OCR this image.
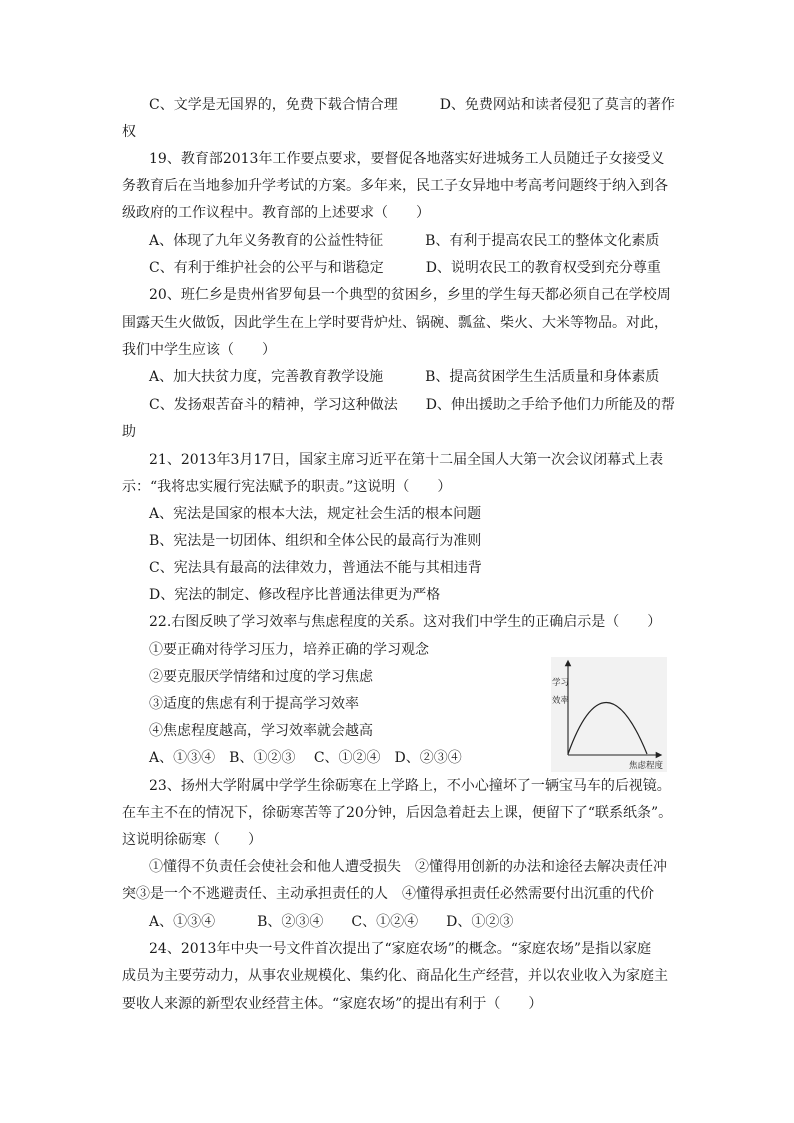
C、文学是无国界的，免费下载合情合理　　　D、免费网站和读者侵犯了莫言的著作
权
19、教育部2013年工作要点要求，要督促各地落实好进城务工人员随迁子女接受义
务教育后在当地参加升学考试的方案。多年来，民工子女异地中考高考问题终于纳入到各
级政府的工作议程中。教育部的上述要求（　　）
A、体现了九年义务教育的公益性特征　　　B、有利于提高农民工的整体文化素质
C、有利于维护社会的公平与和谐稳定　　　D、说明农民工的教育权受到充分尊重
20、班仁乡是贵州省罗甸县一个典型的贫困乡，乡里的学生每天都必须自己在学校周
围露天生火做饭，因此学生在上学时要背炉灶、锅碗、瓢盆、柴火、大米等物品。对此，
我们中学生应该（　　）
A、加大扶贫力度，完善教育教学设施　　　B、提高贫困学生生活质量和身体素质
C、发扬艰苦奋斗的精神，学习这种做法　　D、伸出援助之手给予他们力所能及的帮
助
21、2013年3月17日，国家主席习近平在第十二届全国人大第一次会议闭幕式上表
示：“我将忠实履行宪法赋予的职责。”这说明（　　）
A、宪法是国家的根本大法，规定社会生活的根本问题
B、宪法是一切团体、组织和全体公民的最高行为准则
C、宪法具有最高的法律效力，普通法不能与其相违背
D、宪法的制定、修改程序比普通法律更为严格
22.右图反映了学习效率与焦虑程度的关系。这对我们中学生的正确启示是（　　）
①要正确对待学习压力，培养正确的学习观念
②要克服厌学情绪和过度的学习焦虑
③适度的焦虑有利于提高学习效率
④焦虑程度越高，学习效率就会越高
A、①③④　B、①②③　 C、①②④　D、②③④
23、扬州大学附属中学学生徐砺寒在上学路上，不小心撞坏了一辆宝马车的后视镜。
在车主不在的情况下，徐砺寒苦等了20分钟，后因急着赶去上课，便留下了“联系纸条”。
这说明徐砺寒（　　）
①懂得不负责任会使社会和他人遭受损失　②懂得用创新的办法和途径去解决责任冲
突③是一个不逃避责任、主动承担责任的人　④懂得承担责任必然需要付出沉重的代价
A、①③④　　　B、②③④　　C、①②④　　D、①②③
24、2013年中央一号文件首次提出了“家庭农场”的概念。“家庭农场”是指以家庭
成员为主要劳动力，从事农业规模化、集约化、商品化生产经营，并以农业收入为家庭主
要收人来源的新型农业经营主体。“家庭农场”的提出有利于（　　）
学习
效率
焦虑程度
